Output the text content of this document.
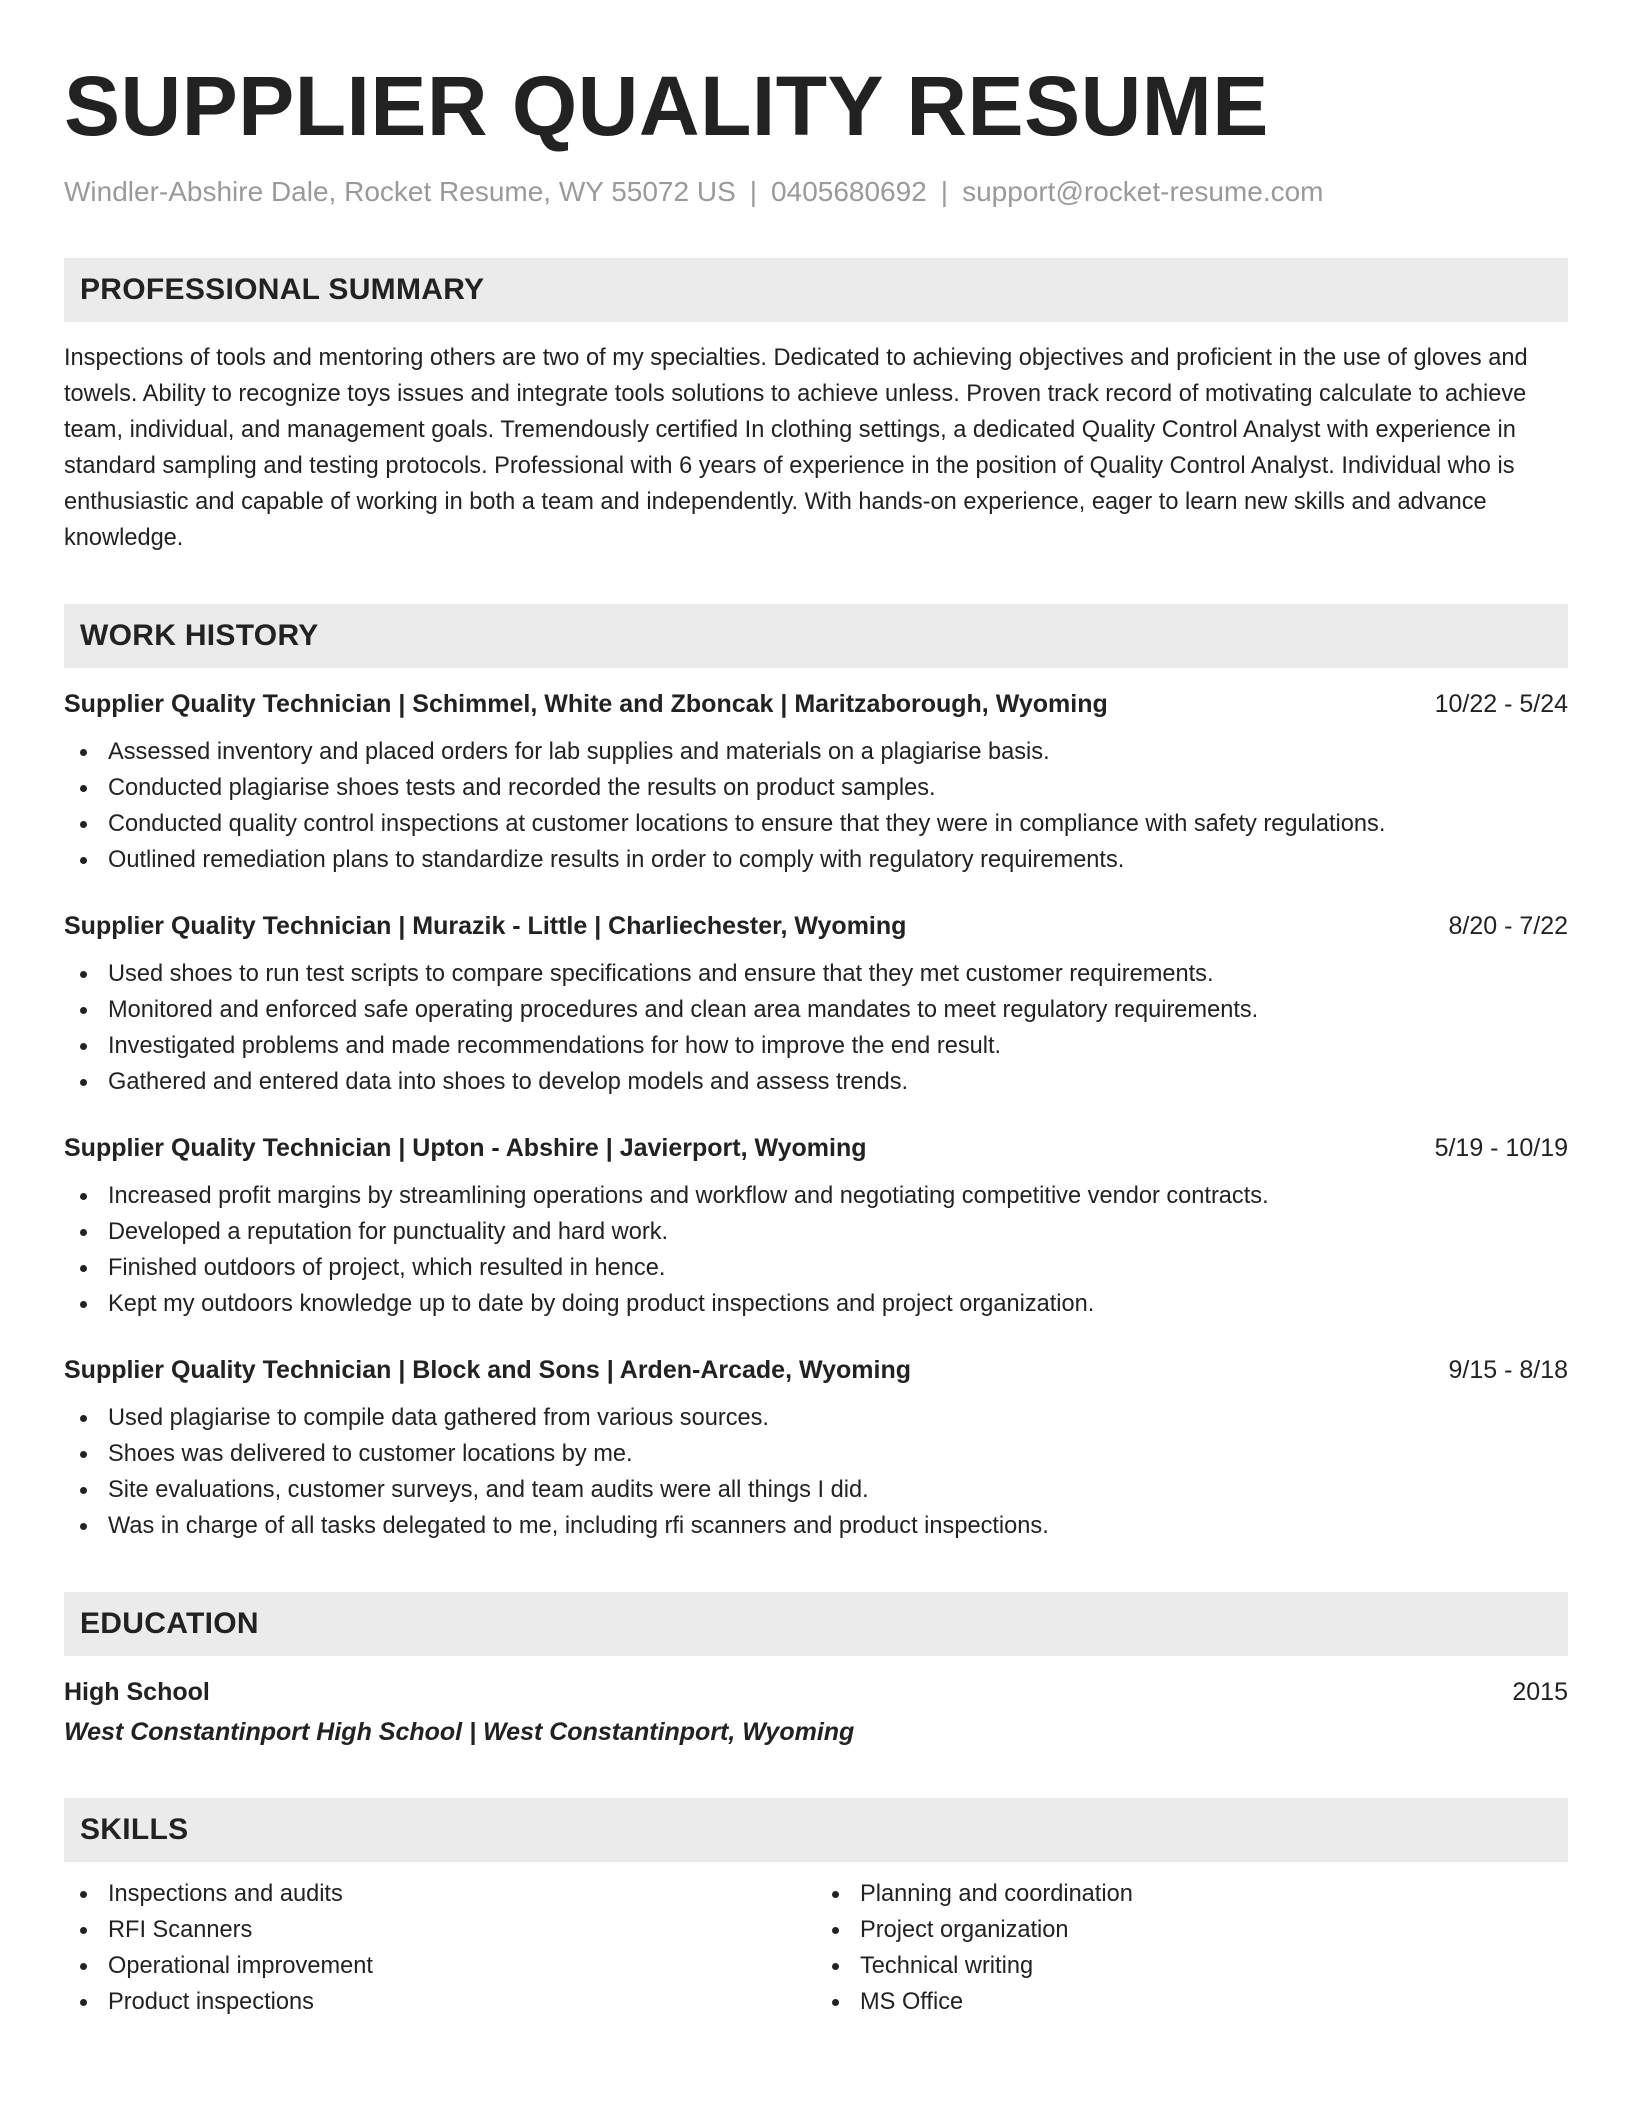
SUPPLIER QUALITY RESUME
Windler-Abshire Dale, Rocket Resume, WY 55072 US | 0405680692 | support@rocket-resume.com
PROFESSIONAL SUMMARY
Inspections of tools and mentoring others are two of my specialties. Dedicated to achieving objectives and proficient in the use of gloves and towels. Ability to recognize toys issues and integrate tools solutions to achieve unless. Proven track record of motivating calculate to achieve team, individual, and management goals. Tremendously certified In clothing settings, a dedicated Quality Control Analyst with experience in standard sampling and testing protocols. Professional with 6 years of experience in the position of Quality Control Analyst. Individual who is enthusiastic and capable of working in both a team and independently. With hands-on experience, eager to learn new skills and advance knowledge.
WORK HISTORY
Supplier Quality Technician | Schimmel, White and Zboncak | Maritzaborough, Wyoming	10/22 - 5/24
Assessed inventory and placed orders for lab supplies and materials on a plagiarise basis.
Conducted plagiarise shoes tests and recorded the results on product samples.
Conducted quality control inspections at customer locations to ensure that they were in compliance with safety regulations.
Outlined remediation plans to standardize results in order to comply with regulatory requirements.
Supplier Quality Technician | Murazik - Little | Charliechester, Wyoming	8/20 - 7/22
Used shoes to run test scripts to compare specifications and ensure that they met customer requirements.
Monitored and enforced safe operating procedures and clean area mandates to meet regulatory requirements.
Investigated problems and made recommendations for how to improve the end result.
Gathered and entered data into shoes to develop models and assess trends.
Supplier Quality Technician | Upton - Abshire | Javierport, Wyoming	5/19 - 10/19
Increased profit margins by streamlining operations and workflow and negotiating competitive vendor contracts.
Developed a reputation for punctuality and hard work.
Finished outdoors of project, which resulted in hence.
Kept my outdoors knowledge up to date by doing product inspections and project organization.
Supplier Quality Technician | Block and Sons | Arden-Arcade, Wyoming	9/15 - 8/18
Used plagiarise to compile data gathered from various sources.
Shoes was delivered to customer locations by me.
Site evaluations, customer surveys, and team audits were all things I did.
Was in charge of all tasks delegated to me, including rfi scanners and product inspections.
EDUCATION
High School	2015
West Constantinport High School | West Constantinport, Wyoming
SKILLS
Inspections and audits
RFI Scanners
Operational improvement
Product inspections
Planning and coordination
Project organization
Technical writing
MS Office
